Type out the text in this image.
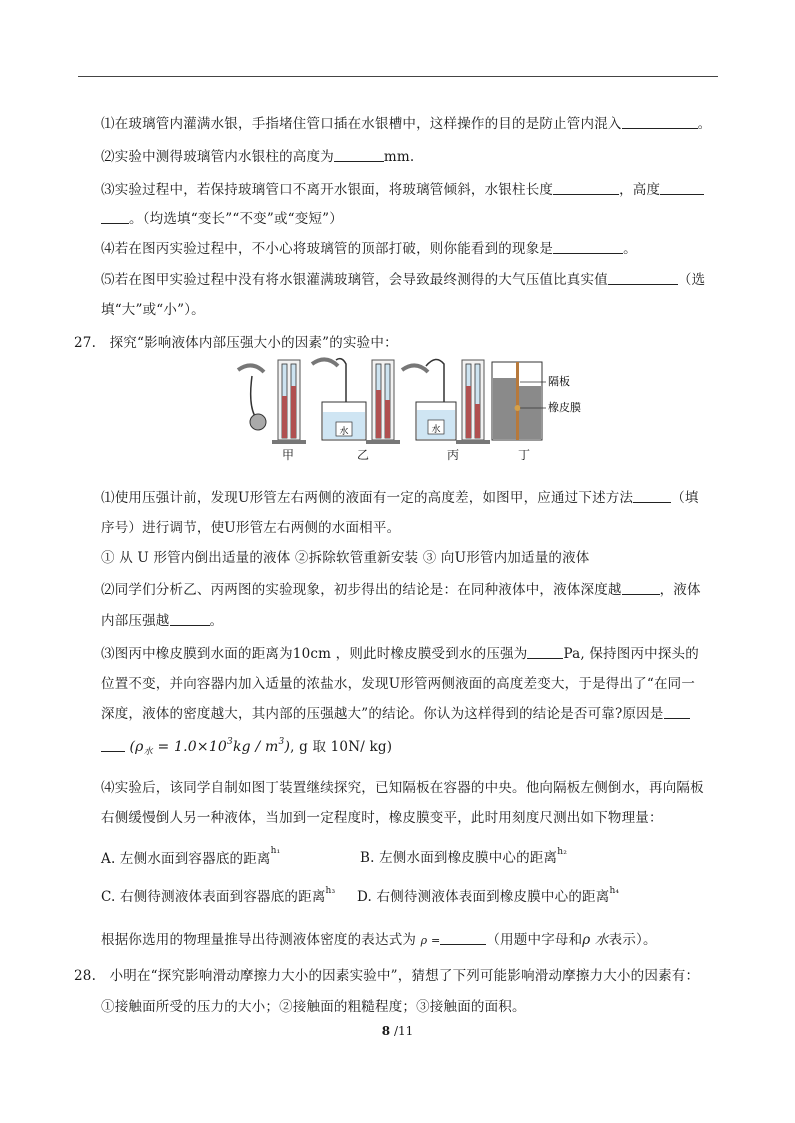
⑴在玻璃管内灌满水银，手指堵住管口插在水银槽中，这样操作的目的是防止管内混入	。
⑵实验中测得玻璃管内水银柱的高度为	mm.
⑶实验过程中，若保持玻璃管口不离开水银面，将玻璃管倾斜，水银柱长度	，高度
。（均选填“变长”“不变”或“变短”）
⑷若在图丙实验过程中，不小心将玻璃管的顶部打破，则你能看到的现象是	。
⑸若在图甲实验过程中没有将水银灌满玻璃管，会导致最终测得的大气压值比真实值	（选
填“大”或“小”）。
27. 探究“影响液体内部压强大小的因素”的实验中：
水	水
隔板
橡皮膜
甲	乙	丙	丁
⑴使用压强计前，发现U形管左右两侧的液面有一定的高度差，如图甲，应通过下述方法	（填
序号）进行调节，使U形管左右两侧的水面相平。
① 从 U 形管内倒出适量的液体 ②拆除软管重新安装 ③ 向U形管内加适量的液体
⑵同学们分析乙、丙两图的实验现象，初步得出的结论是：在同种液体中，液体深度越	，液体
内部压强越	。
⑶图丙中橡皮膜到水面的距离为10cm ，则此时橡皮膜受到水的压强为	Pa, 保持图丙中探头的
位置不变，并向容器内加入适量的浓盐水，发现U形管两侧液面的高度差变大，于是得出了“在同一
深度，液体的密度越大，其内部的压强越大”的结论。你认为这样得到的结论是否可靠?原因是
$(\rho_水 = 1.0\times 10^3kg / m^3)$, g 取 10N/ kg)
⑷实验后，该同学自制如图丁装置继续探究，已知隔板在容器的中央。他向隔板左侧倒水，再向隔板
右侧缓慢倒人另一种液体，当加到一定程度时，橡皮膜变平，此时用刻度尺测出如下物理量：
A. 左侧水面到容器底的距离$^{h_1}$	B. 左侧水面到橡皮膜中心的距离$^{h_2}$
C. 右侧待测液体表面到容器底的距离$^{h_3}$ D. 右侧待测液体表面到橡皮膜中心的距离$^{h_4}$
根据你选用的物理量推导出待测液体密度的表达式为 ρ =	（用题中字母和ρ 水表示）。
28. 小明在“探究影响滑动摩擦力大小的因素实验中”，猜想了下列可能影响滑动摩擦力大小的因素有：
①接触面所受的压力的大小；②接触面的粗糙程度；③接触面的面积。
8 /11
